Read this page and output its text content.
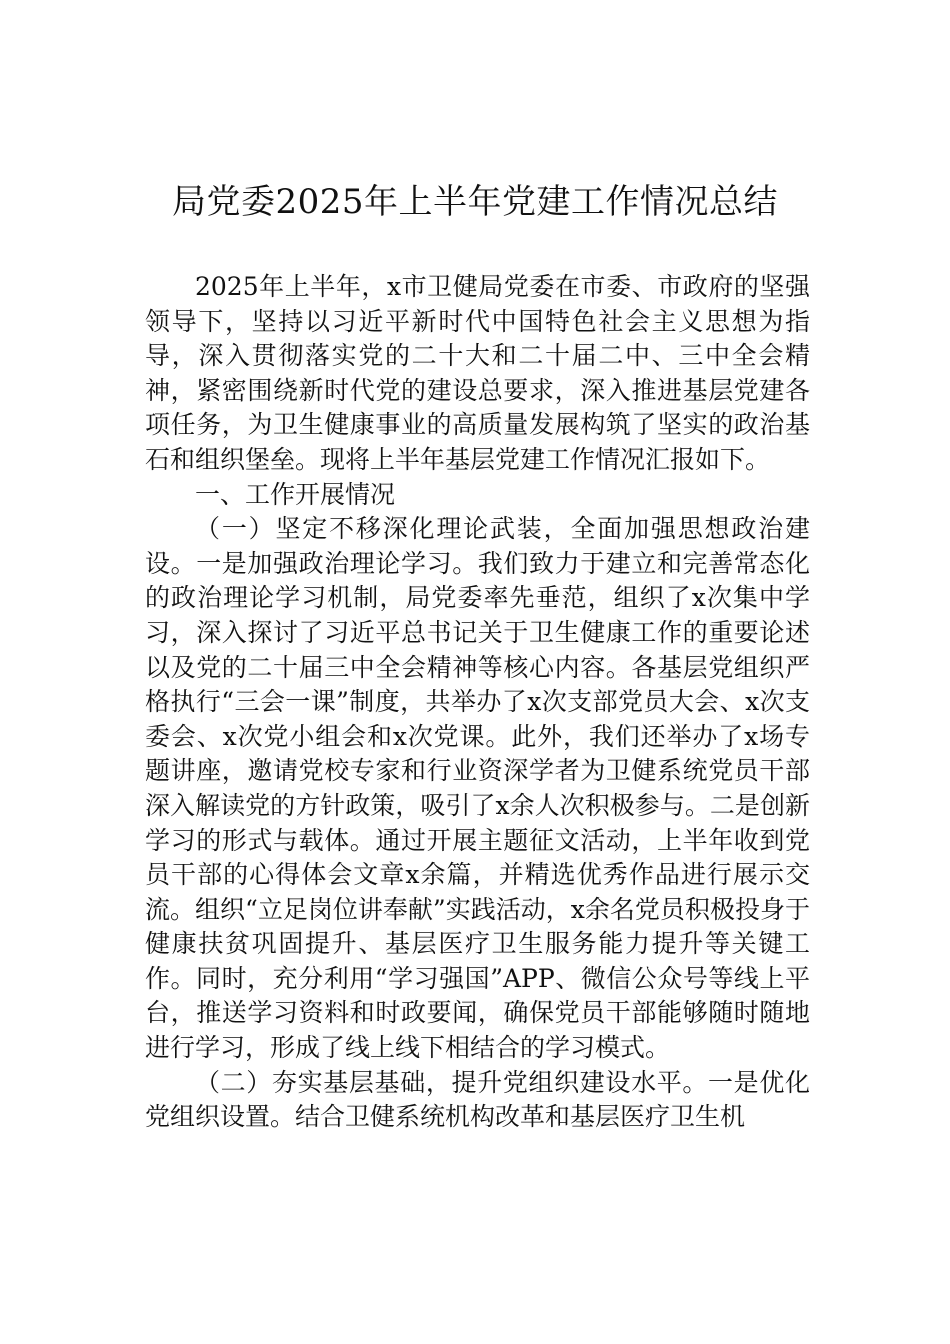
局党委2025年上半年党建工作情况总结

2025年上半年，x市卫健局党委在市委、市政府的坚强领导下，坚持以习近平新时代中国特色社会主义思想为指导，深入贯彻落实党的二十大和二十届二中、三中全会精神，紧密围绕新时代党的建设总要求，深入推进基层党建各项任务，为卫生健康事业的高质量发展构筑了坚实的政治基石和组织堡垒。现将上半年基层党建工作情况汇报如下。

一、工作开展情况

（一）坚定不移深化理论武装，全面加强思想政治建设。一是加强政治理论学习。我们致力于建立和完善常态化的政治理论学习机制，局党委率先垂范，组织了x次集中学习，深入探讨了习近平总书记关于卫生健康工作的重要论述以及党的二十届三中全会精神等核心内容。各基层党组织严格执行“三会一课”制度，共举办了x次支部党员大会、x次支委会、x次党小组会和x次党课。此外，我们还举办了x场专题讲座，邀请党校专家和行业资深学者为卫健系统党员干部深入解读党的方针政策，吸引了x余人次积极参与。二是创新学习的形式与载体。通过开展主题征文活动，上半年收到党员干部的心得体会文章x余篇，并精选优秀作品进行展示交流。组织“立足岗位讲奉献”实践活动，x余名党员积极投身于健康扶贫巩固提升、基层医疗卫生服务能力提升等关键工作。同时，充分利用“学习强国”APP、微信公众号等线上平台，推送学习资料和时政要闻，确保党员干部能够随时随地进行学习，形成了线上线下相结合的学习模式。

（二）夯实基层基础，提升党组织建设水平。一是优化党组织设置。结合卫健系统机构改革和基层医疗卫生机
